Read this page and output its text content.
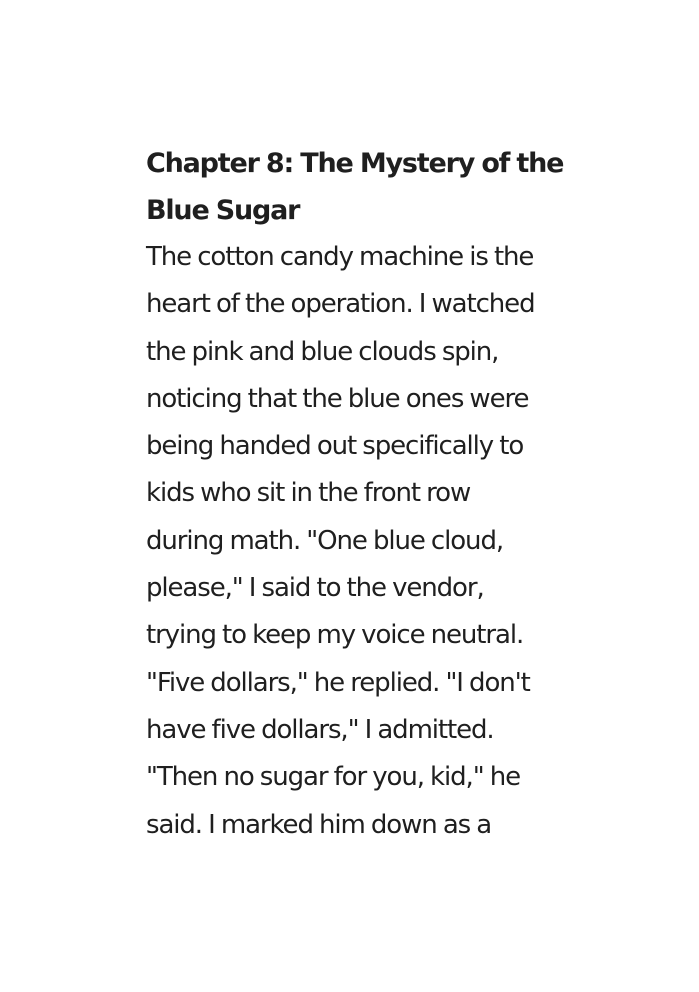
Chapter 8: The Mystery of the
Blue Sugar

The cotton candy machine is the
heart of the operation. I watched
the pink and blue clouds spin,
noticing that the blue ones were
being handed out specifically to
kids who sit in the front row
during math. "One blue cloud,
please," I said to the vendor,
trying to keep my voice neutral.
"Five dollars," he replied. "I don't
have five dollars," I admitted.
"Then no sugar for you, kid," he
said. I marked him down as a
